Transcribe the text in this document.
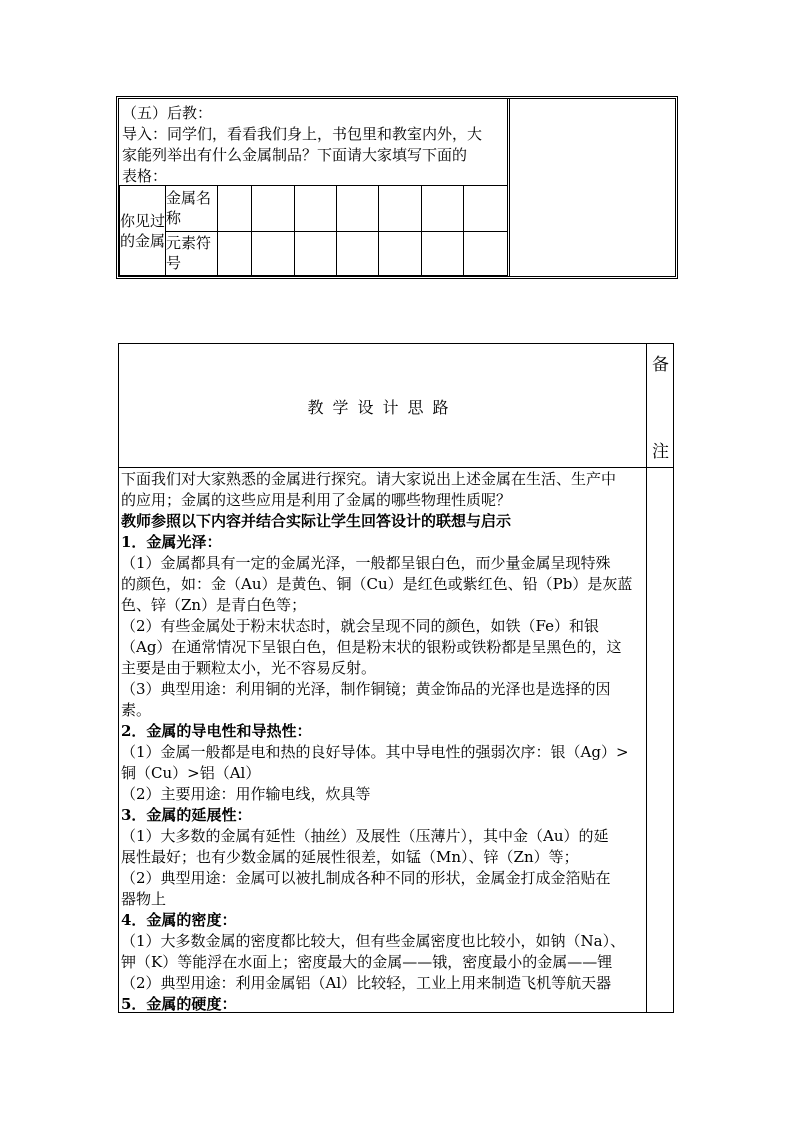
（五）后教：
导入：同学们，看看我们身上，书包里和教室内外，大
家能列举出有什么金属制品？下面请大家填写下面的
表格：
你见过的金属	金属名称							
	元素符号							
教学设计思路
备
注
下面我们对大家熟悉的金属进行探究。请大家说出上述金属在生活、生产中
的应用；金属的这些应用是利用了金属的哪些物理性质呢？
教师参照以下内容并结合实际让学生回答设计的联想与启示
1．金属光泽：
（1）金属都具有一定的金属光泽，一般都呈银白色，而少量金属呈现特殊
的颜色，如：金（Au）是黄色、铜（Cu）是红色或紫红色、铅（Pb）是灰蓝
色、锌（Zn）是青白色等；
（2）有些金属处于粉末状态时，就会呈现不同的颜色，如铁（Fe）和银
（Ag）在通常情况下呈银白色，但是粉末状的银粉或铁粉都是呈黑色的，这
主要是由于颗粒太小，光不容易反射。
（3）典型用途：利用铜的光泽，制作铜镜；黄金饰品的光泽也是选择的因
素。
2．金属的导电性和导热性：
（1）金属一般都是电和热的良好导体。其中导电性的强弱次序：银（Ag）>
铜（Cu）>铝（Al）
（2）主要用途：用作输电线，炊具等
3．金属的延展性：
（1）大多数的金属有延性（抽丝）及展性（压薄片），其中金（Au）的延
展性最好；也有少数金属的延展性很差，如锰（Mn）、锌（Zn）等；
（2）典型用途：金属可以被扎制成各种不同的形状，金属金打成金箔贴在
器物上
4．金属的密度：
（1）大多数金属的密度都比较大，但有些金属密度也比较小，如钠（Na）、
钾（K）等能浮在水面上；密度最大的金属——锇，密度最小的金属——锂
（2）典型用途：利用金属铝（Al）比较轻，工业上用来制造飞机等航天器
5．金属的硬度：
